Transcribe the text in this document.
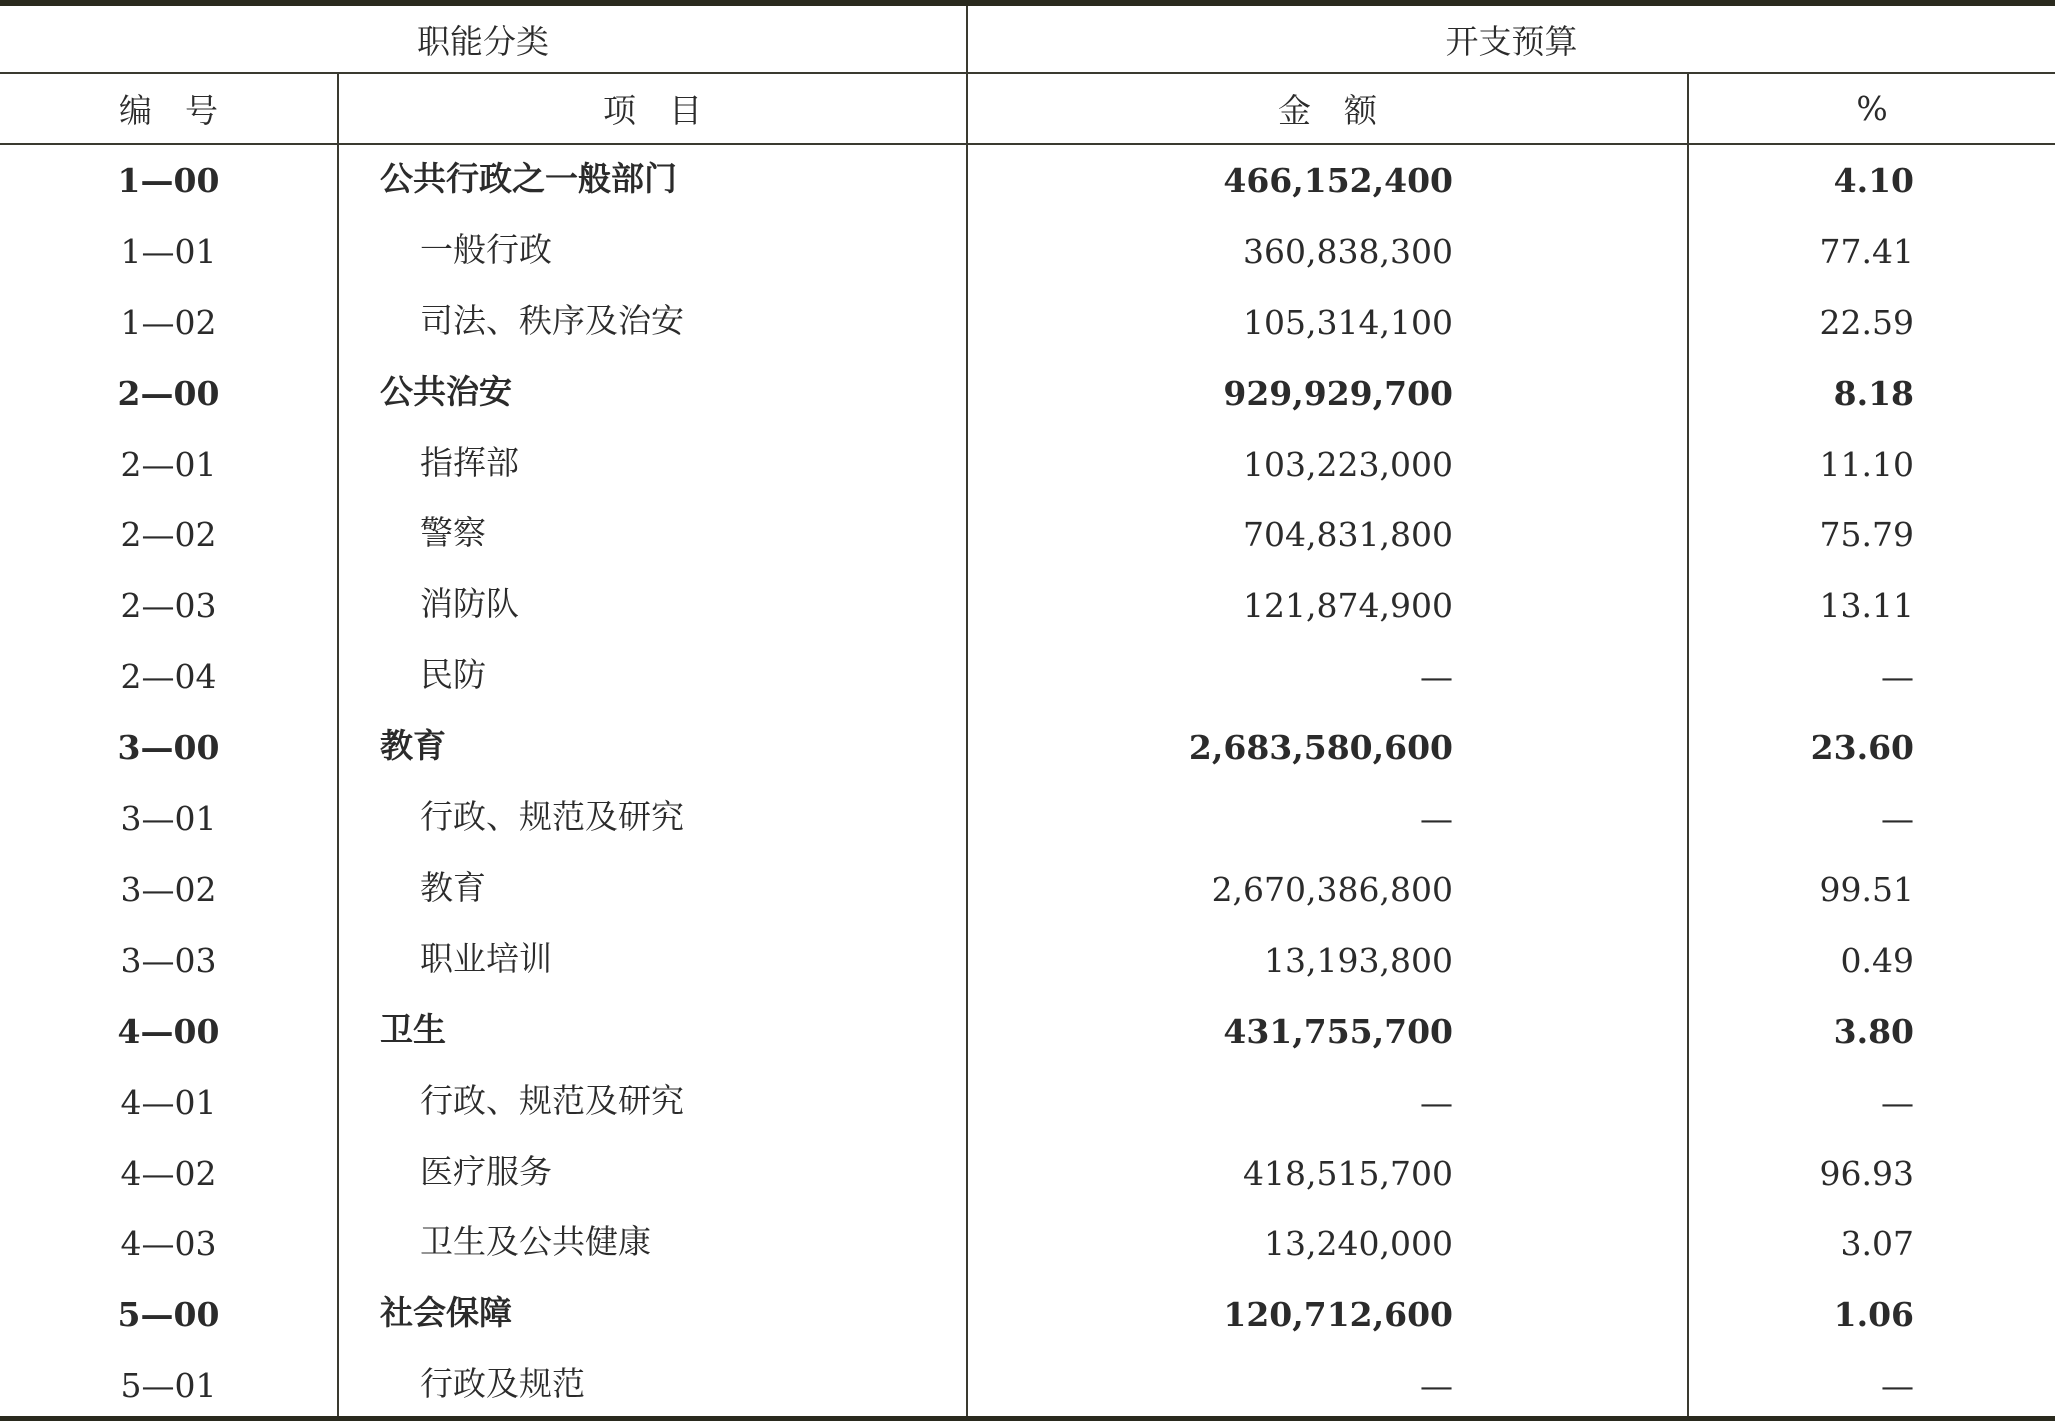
职能分类	开支预算
编　号	项　目	金　额	%
1—00	公共行政之一般部门	466,152,400	4.10
1—01	一般行政	360,838,300	77.41
1—02	司法、秩序及治安	105,314,100	22.59
2—00	公共治安	929,929,700	8.18
2—01	指挥部	103,223,000	11.10
2—02	警察	704,831,800	75.79
2—03	消防队	121,874,900	13.11
2—04	民防	—	—
3—00	教育	2,683,580,600	23.60
3—01	行政、规范及研究	—	—
3—02	教育	2,670,386,800	99.51
3—03	职业培训	13,193,800	0.49
4—00	卫生	431,755,700	3.80
4—01	行政、规范及研究	—	—
4—02	医疗服务	418,515,700	96.93
4—03	卫生及公共健康	13,240,000	3.07
5—00	社会保障	120,712,600	1.06
5—01	行政及规范	—	—
